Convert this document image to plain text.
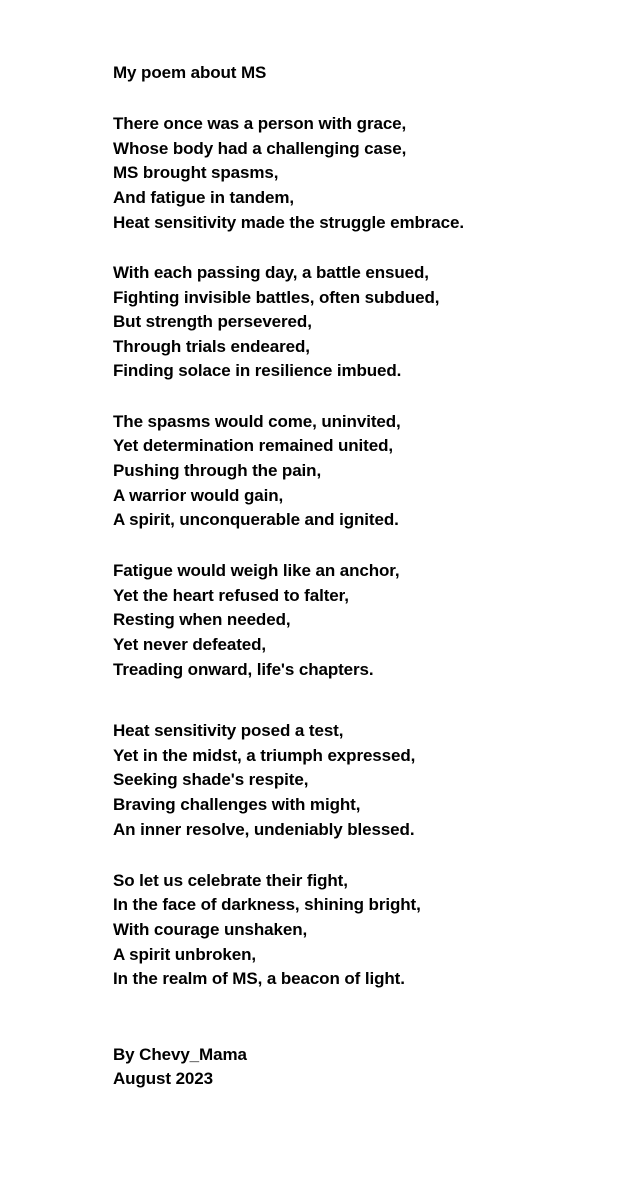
My poem about MS
There once was a person with grace,
Whose body had a challenging case,
MS brought spasms,
And fatigue in tandem,
Heat sensitivity made the struggle embrace.
With each passing day, a battle ensued,
Fighting invisible battles, often subdued,
But strength persevered,
Through trials endeared,
Finding solace in resilience imbued.
The spasms would come, uninvited,
Yet determination remained united,
Pushing through the pain,
A warrior would gain,
A spirit, unconquerable and ignited.
Fatigue would weigh like an anchor,
Yet the heart refused to falter,
Resting when needed,
Yet never defeated,
Treading onward, life's chapters.
Heat sensitivity posed a test,
Yet in the midst, a triumph expressed,
Seeking shade's respite,
Braving challenges with might,
An inner resolve, undeniably blessed.
So let us celebrate their fight,
In the face of darkness, shining bright,
With courage unshaken,
A spirit unbroken,
In the realm of MS, a beacon of light.
By Chevy_Mama
August 2023
